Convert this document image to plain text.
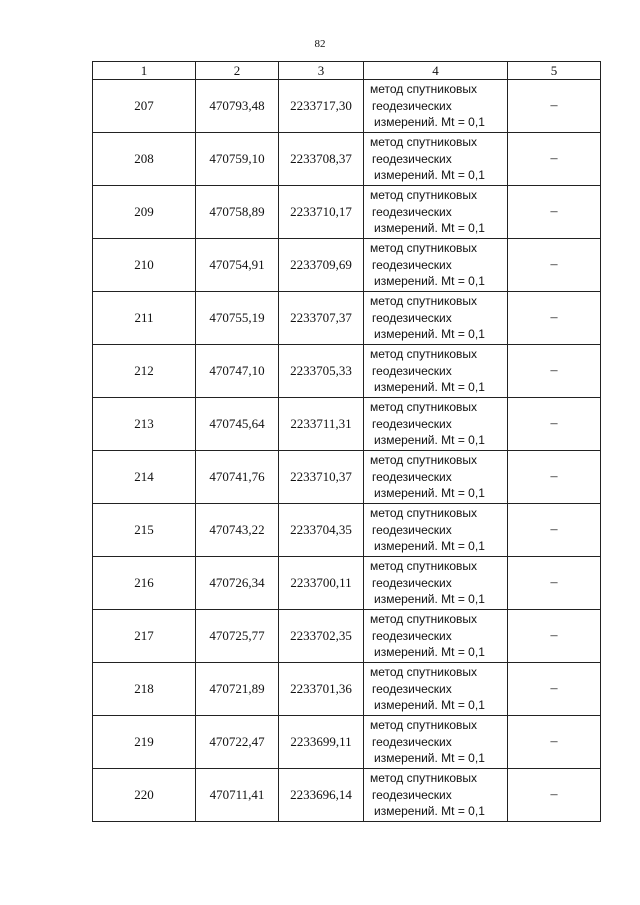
82
1	2	3	4	5
207	470793,48	2233717,30	метод спутниковых
геодезических
измерений. Mt = 0,1	–
208	470759,10	2233708,37	метод спутниковых
геодезических
измерений. Mt = 0,1	–
209	470758,89	2233710,17	метод спутниковых
геодезических
измерений. Mt = 0,1	–
210	470754,91	2233709,69	метод спутниковых
геодезических
измерений. Mt = 0,1	–
211	470755,19	2233707,37	метод спутниковых
геодезических
измерений. Mt = 0,1	–
212	470747,10	2233705,33	метод спутниковых
геодезических
измерений. Mt = 0,1	–
213	470745,64	2233711,31	метод спутниковых
геодезических
измерений. Mt = 0,1	–
214	470741,76	2233710,37	метод спутниковых
геодезических
измерений. Mt = 0,1	–
215	470743,22	2233704,35	метод спутниковых
геодезических
измерений. Mt = 0,1	–
216	470726,34	2233700,11	метод спутниковых
геодезических
измерений. Mt = 0,1	–
217	470725,77	2233702,35	метод спутниковых
геодезических
измерений. Mt = 0,1	–
218	470721,89	2233701,36	метод спутниковых
геодезических
измерений. Mt = 0,1	–
219	470722,47	2233699,11	метод спутниковых
геодезических
измерений. Mt = 0,1	–
220	470711,41	2233696,14	метод спутниковых
геодезических
измерений. Mt = 0,1	–
